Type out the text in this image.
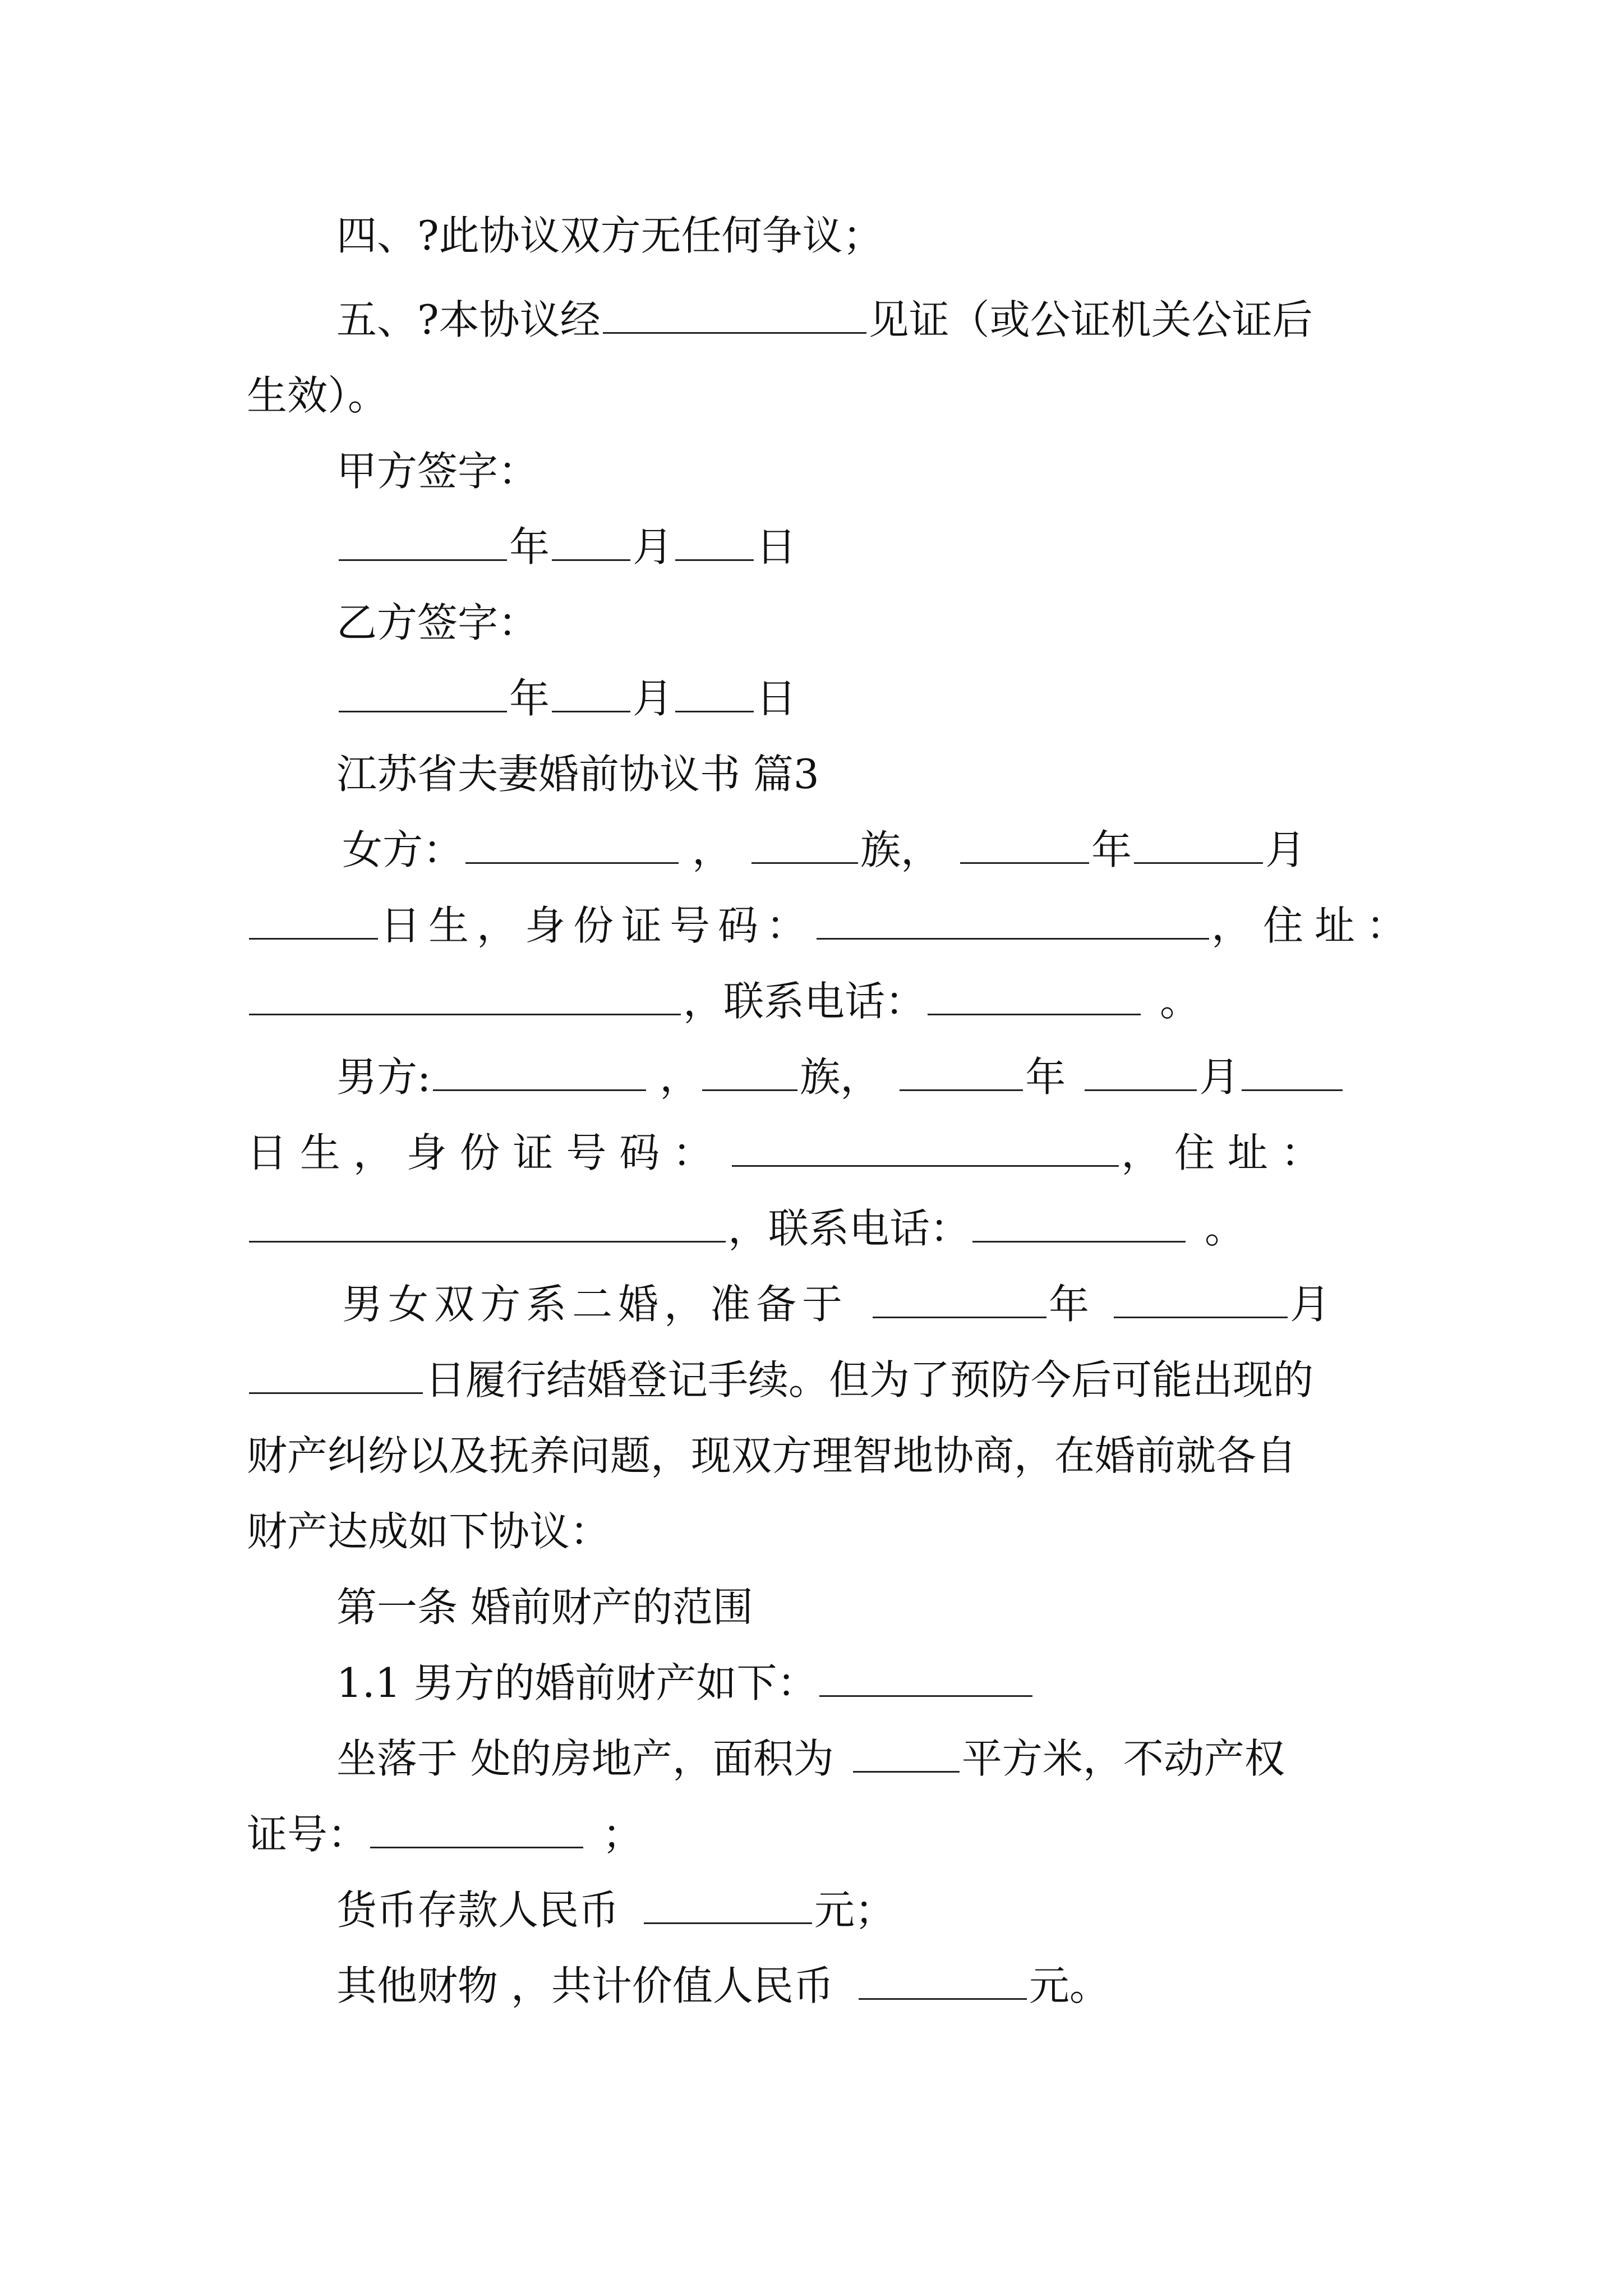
四、?此协议双方无任何争议；
五、?本协议经	见证（或公证机关公证后
生效）。
甲方签字：
年 月 日
乙方签字：
年 月 日
江苏省夫妻婚前协议书 篇3
女方：	，	族，	年	月
日生，身份证号码：	，住址：
，联系电话：	。
男方:	， 族，	年	月
日 生 ， 身 份 证 号 码 ：	， 住 址 ：
，联系电话：	。
男女双方系二婚，准备于	年	月
日履行结婚登记手续。但为了预防今后可能出现的
财产纠纷以及抚养问题，现双方理智地协商，在婚前就各自
财产达成如下协议：
第一条 婚前财产的范围
1.1 男方的婚前财产如下：
坐落于 处的房地产，面积为	平方米，不动产权
证号：	；
货币存款人民币	元；
其他财物 ，共计价值人民币	元。
